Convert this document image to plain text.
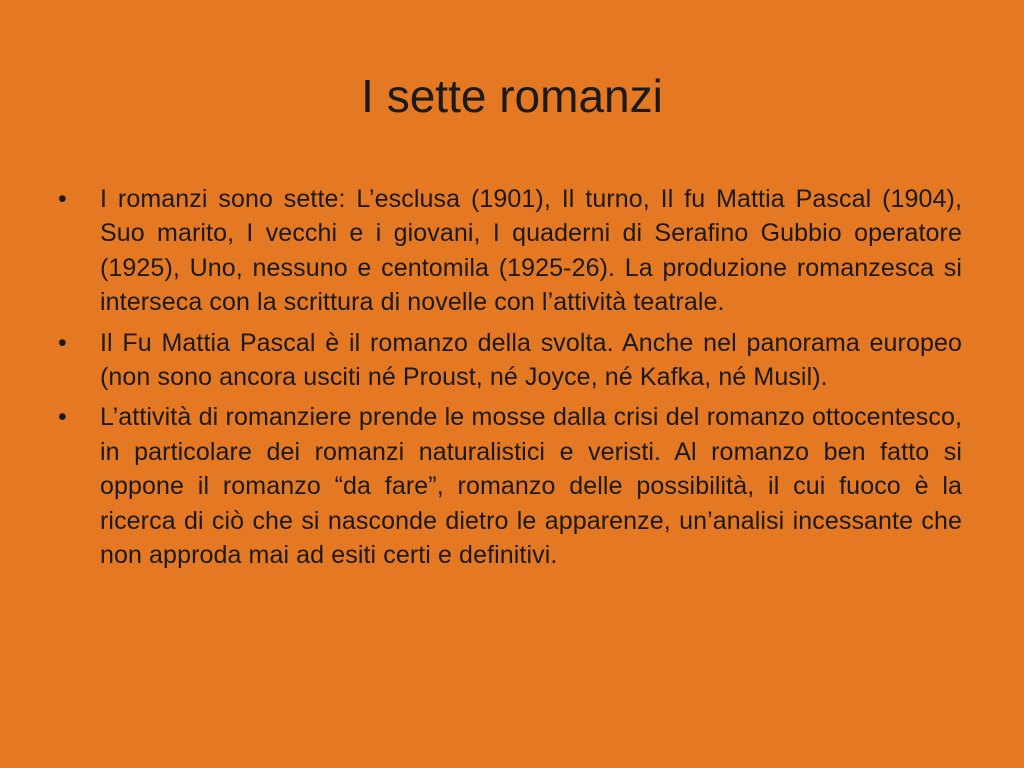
I sette romanzi
• I romanzi sono sette: L’esclusa (1901), Il turno, Il fu Mattia Pascal (1904), Suo marito, I vecchi e i giovani, I quaderni di Serafino Gubbio operatore (1925), Uno, nessuno e centomila (1925-26). La produzione romanzesca si interseca con la scrittura di novelle con l’attività teatrale.
• Il Fu Mattia Pascal è il romanzo della svolta. Anche nel panorama europeo (non sono ancora usciti né Proust, né Joyce, né Kafka, né Musil).
• L’attività di romanziere prende le mosse dalla crisi del romanzo ottocentesco, in particolare dei romanzi naturalistici e veristi. Al romanzo ben fatto si oppone il romanzo “da fare”, romanzo delle possibilità, il cui fuoco è la ricerca di ciò che si nasconde dietro le apparenze, un’analisi incessante che non approda mai ad esiti certi e definitivi.
